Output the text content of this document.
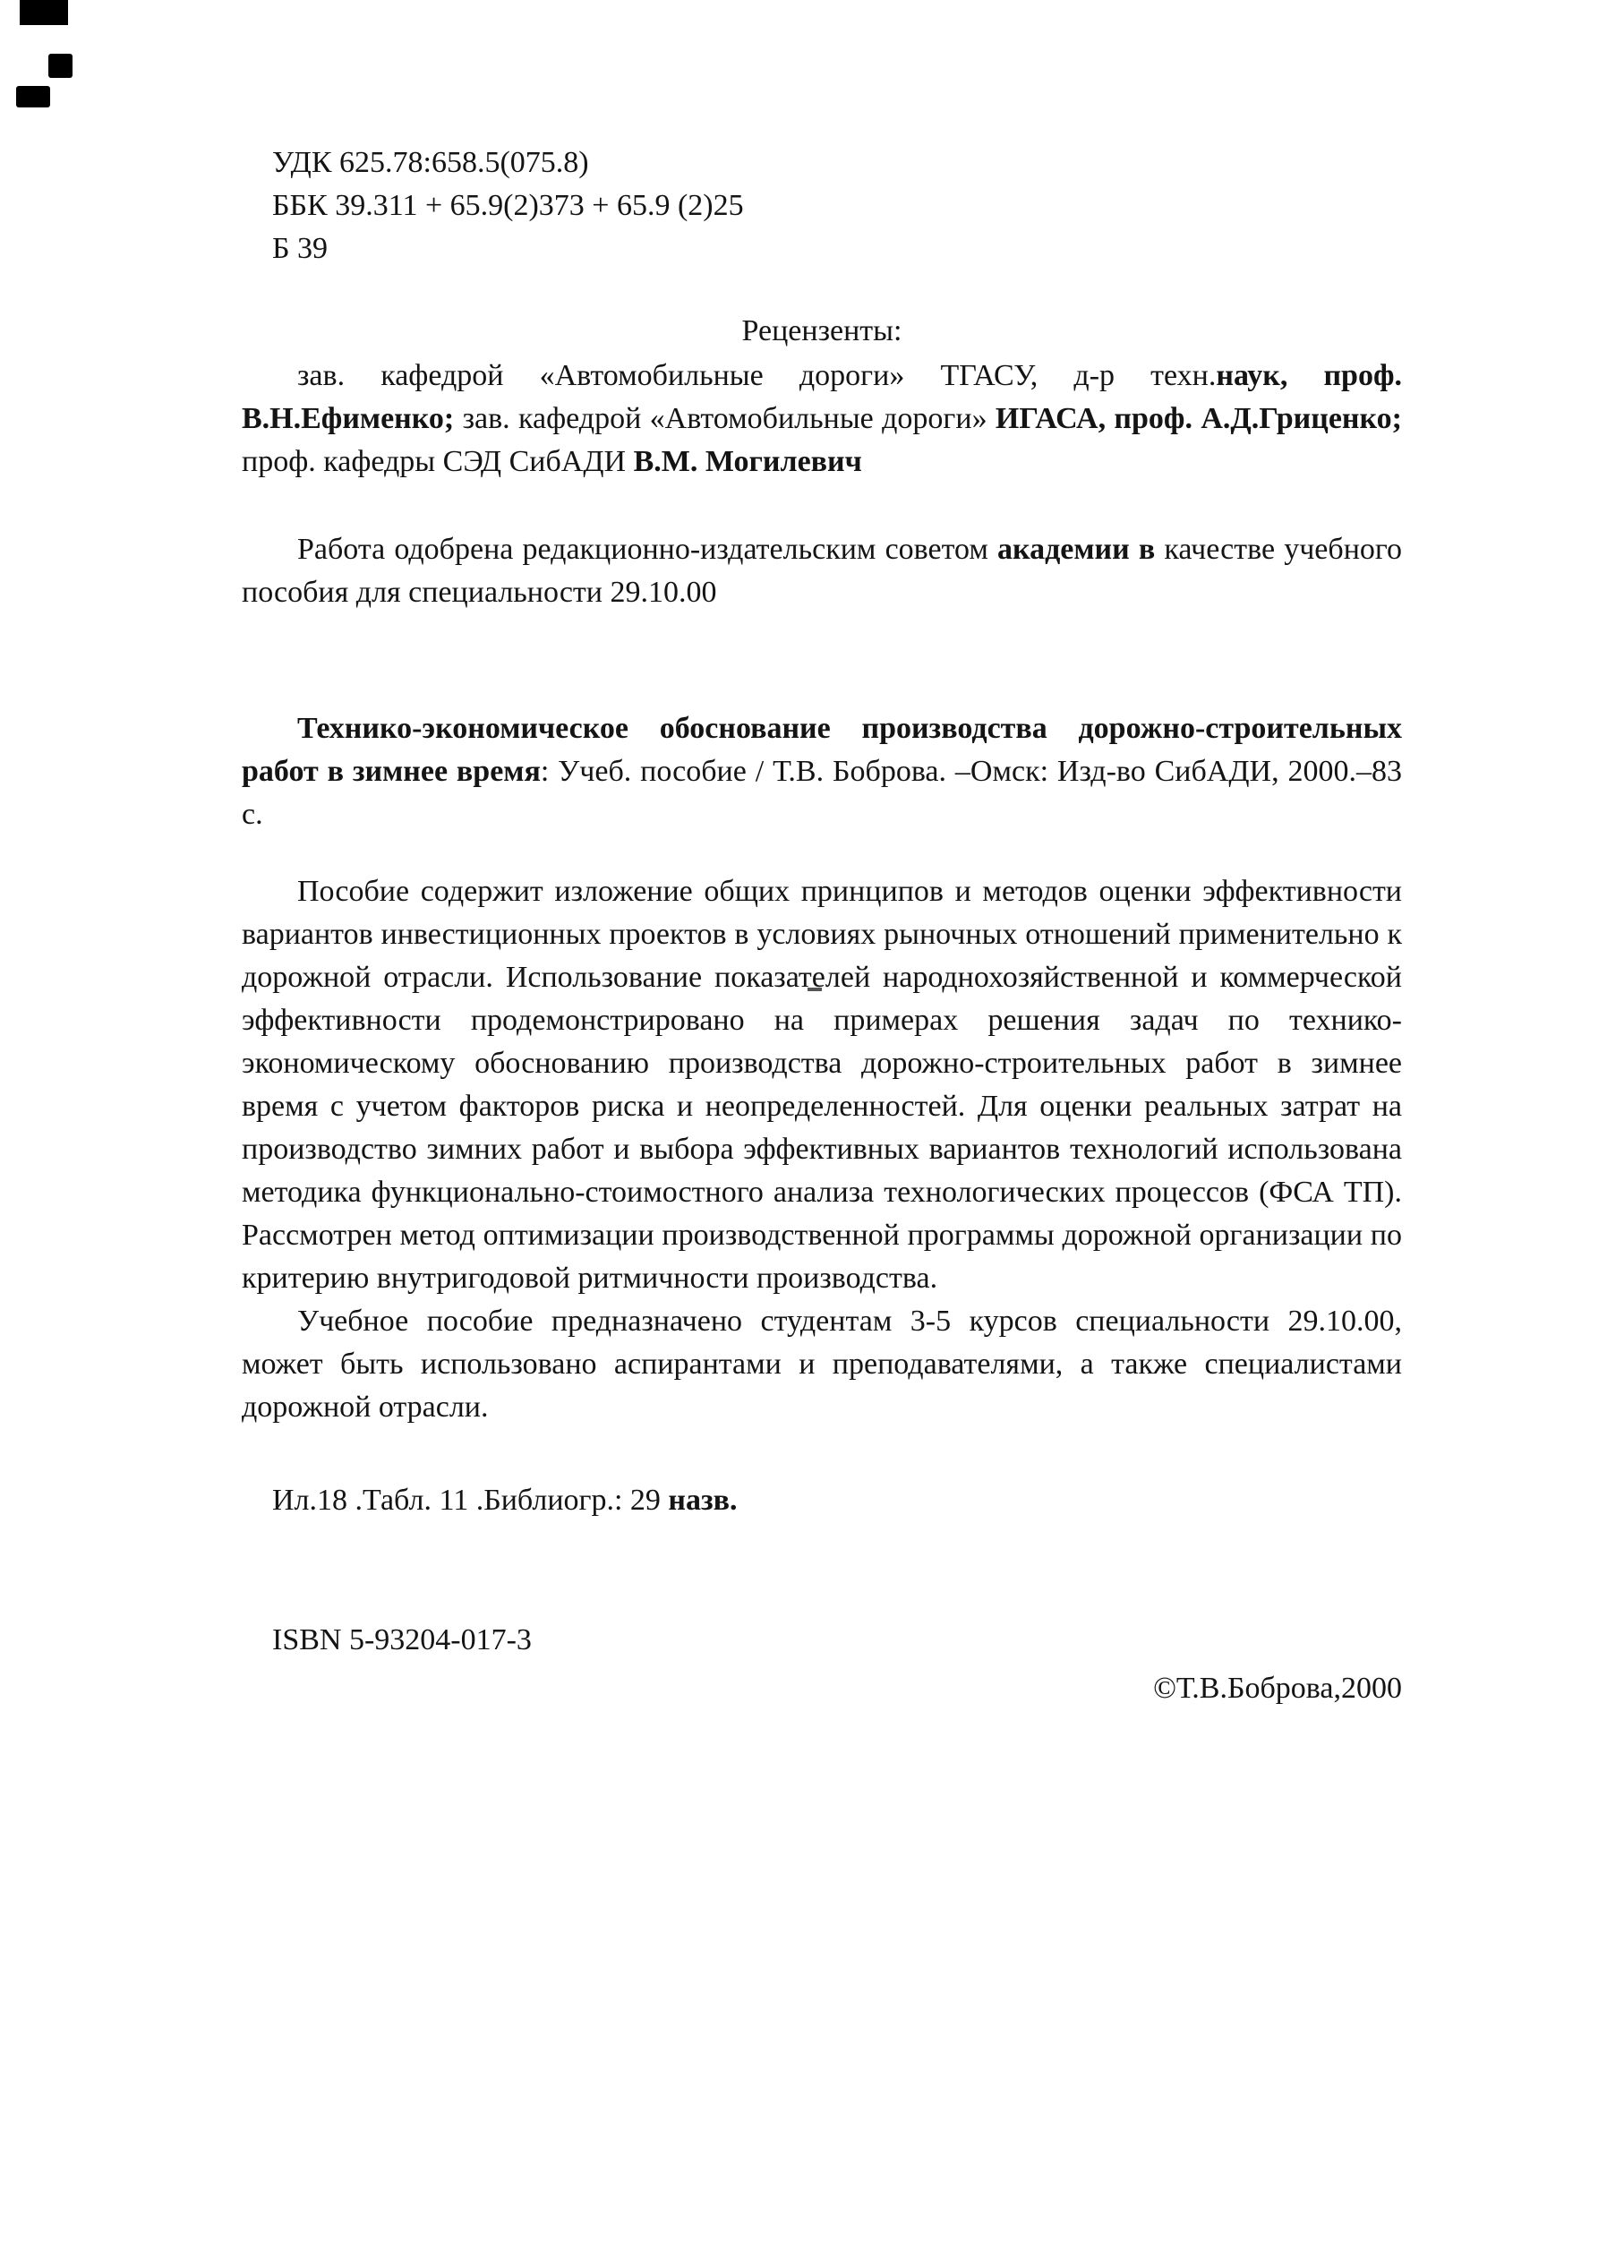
УДК 625.78:658.5(075.8)

ББК 39.311 + 65.9(2)373 + 65.9 (2)25

Б 39

Рецензенты:

зав. кафедрой «Автомобильные дороги» ТГАСУ, д-р техн.наук, проф. В.Н.Ефименко; зав. кафедрой «Автомобильные дороги» ИГАСА, проф. А.Д.Гриценко; проф. кафедры СЭД СибАДИ В.М. Могилевич

Работа одобрена редакционно-издательским советом академии в качестве учебного пособия для специальности 29.10.00

Технико-экономическое обоснование производства дорожно-строительных работ в зимнее время: Учеб. пособие / Т.В. Боброва. –Омск: Изд-во СибАДИ, 2000.–83 с.

Пособие содержит изложение общих принципов и методов оценки эффективности вариантов инвестиционных проектов в условиях рыночных отношений применительно к дорожной отрасли. Использование показателей народнохозяйственной и коммерческой эффективности продемонстрировано на примерах решения задач по технико-экономическому обоснованию производства дорожно-строительных работ в зимнее время с учетом факторов риска и неопределенностей. Для оценки реальных затрат на производство зимних работ и выбора эффективных вариантов технологий использована методика функционально-стоимостного анализа технологических процессов (ФСА ТП). Рассмотрен метод оптимизации производственной программы дорожной организации по критерию внутригодовой ритмичности производства.

Учебное пособие предназначено студентам 3-5 курсов специальности 29.10.00, может быть использовано аспирантами и преподавателями, а также специалистами дорожной отрасли.

Ил.18 .Табл. 11 .Библиогр.: 29 назв.

ISBN 5-93204-017-3

©Т.В.Боброва,2000
